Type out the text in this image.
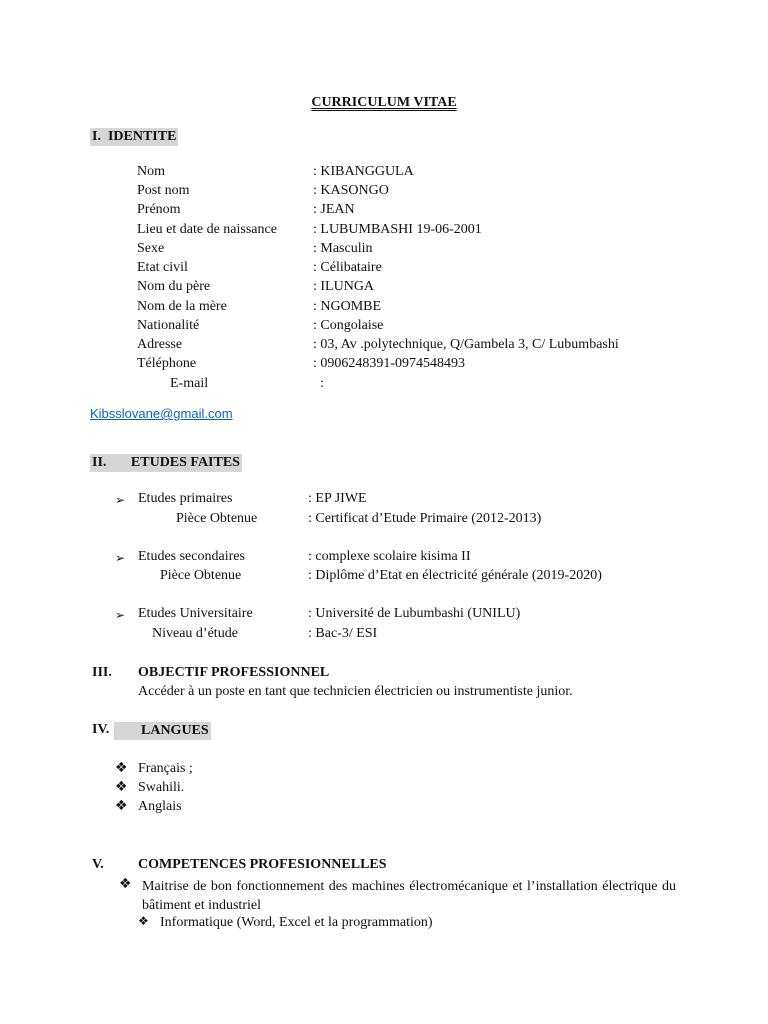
CURRICULUM VITAE
I. IDENTITE
Nom	: KIBANGGULA
Post nom	: KASONGO
Prénom	: JEAN
Lieu et date de naissance	: LUBUMBASHI 19-06-2001
Sexe	: Masculin
Etat civil	: Célibataire
Nom du père	: ILUNGA
Nom de la mère	: NGOMBE
Nationalité	: Congolaise
Adresse	: 03, Av .polytechnique, Q/Gambela 3, C/ Lubumbashi
Téléphone	: 0906248391-0974548493
E-mail	:
Kibsslovane@gmail.com
II. ETUDES FAITES
➢ Etudes primaires	: EP JIWE
Pièce Obtenue	: Certificat d’Etude Primaire (2012-2013)
➢ Etudes secondaires	: complexe scolaire kisima II
Pièce Obtenue	: Diplôme d’Etat en électricité générale (2019-2020)
➢ Etudes Universitaire	: Université de Lubumbashi (UNILU)
Niveau d’étude	: Bac-3/ ESI
III. OBJECTIF PROFESSIONNEL
Accéder à un poste en tant que technicien électricien ou instrumentiste junior.
IV.	LANGUES
❖ Français ;
❖ Swahili.
❖ Anglais
V. COMPETENCES PROFESIONNELLES
❖ Maitrise de bon fonctionnement des machines électromécanique et l’installation électrique du bâtiment et industriel
❖ Informatique (Word, Excel et la programmation)
